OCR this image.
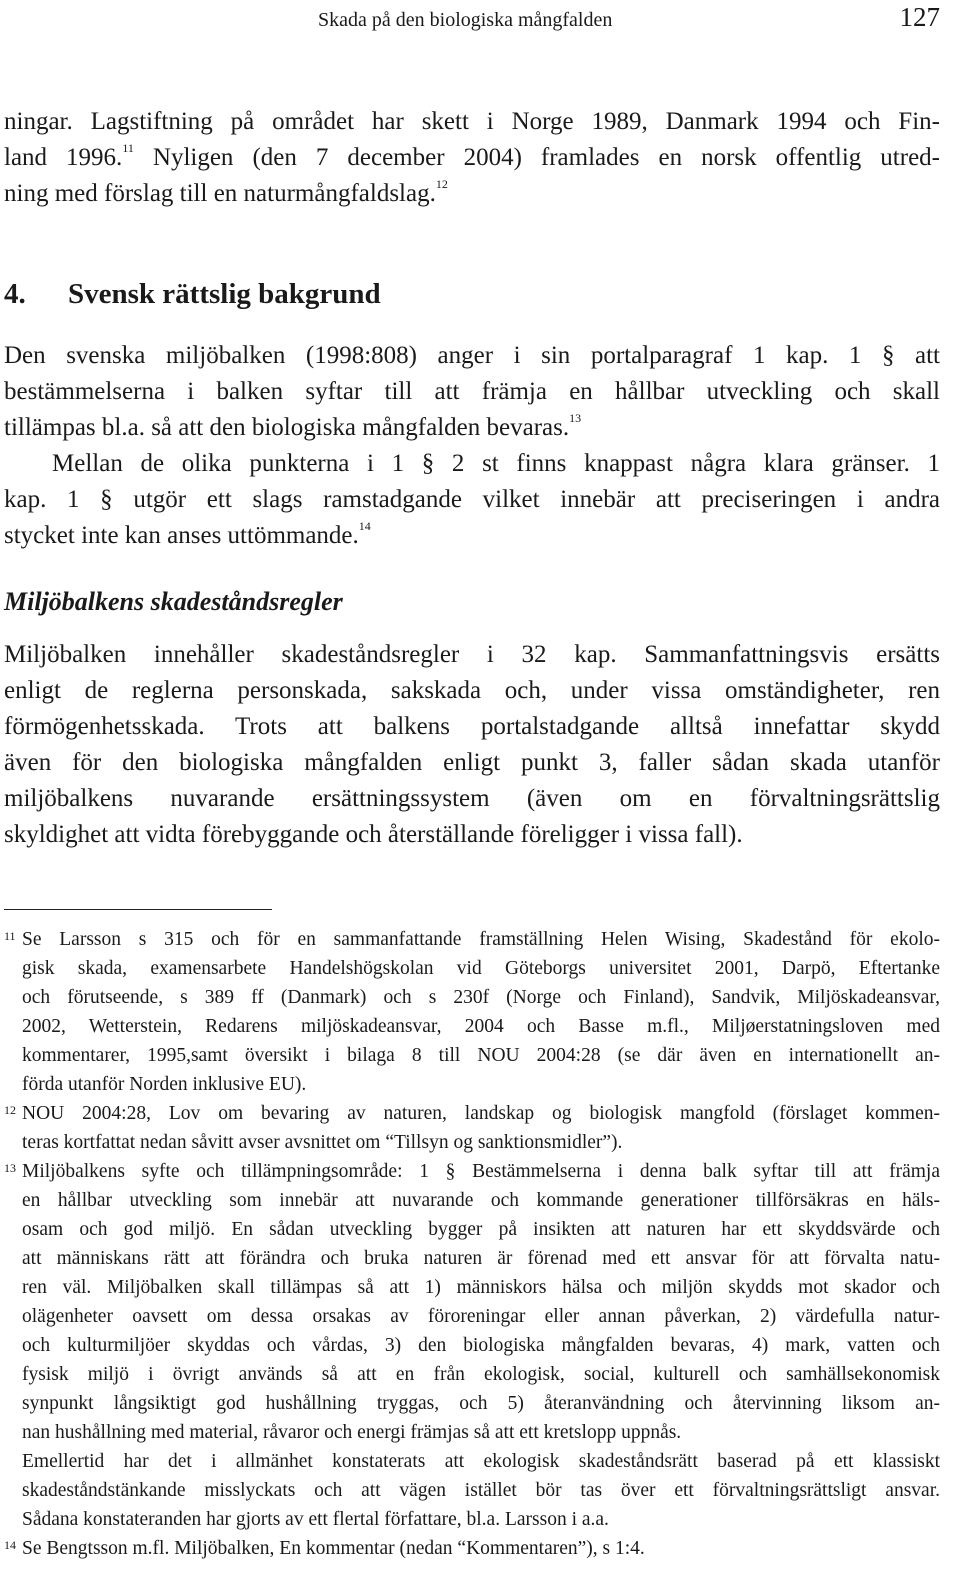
Skada på den biologiska mångfalden	127
ningar. Lagstiftning på området har skett i Norge 1989, Danmark 1994 och Fin-
land 1996.11 Nyligen (den 7 december 2004) framlades en norsk offentlig utred-
ning med förslag till en naturmångfaldslag.$^{12}$
4. Svensk rättslig bakgrund
Den svenska miljöbalken (1998:808) anger i sin portalparagraf 1 kap. 1 § att
bestämmelserna i balken syftar till att främja en hållbar utveckling och skall
tillämpas bl.a. så att den biologiska mångfalden bevaras.$^{13}$
Mellan de olika punkterna i 1 § 2 st finns knappast några klara gränser. 1
kap. 1 § utgör ett slags ramstadgande vilket innebär att preciseringen i andra
stycket inte kan anses uttömmande.$^{14}$
Miljöbalkens skadeståndsregler
Miljöbalken innehåller skadeståndsregler i 32 kap. Sammanfattningsvis ersätts
enligt de reglerna personskada, sakskada och, under vissa omständigheter, ren
förmögenhetsskada. Trots att balkens portalstadgande alltså innefattar skydd
även för den biologiska mångfalden enligt punkt 3, faller sådan skada utanför
miljöbalkens nuvarande ersättningssystem (även om en förvaltningsrättslig
skyldighet att vidta förebyggande och återställande föreligger i vissa fall).
11 Se Larsson s 315 och för en sammanfattande framställning Helen Wising, Skadestånd för ekolo-
gisk skada, examensarbete Handelshögskolan vid Göteborgs universitet 2001, Darpö, Eftertanke
och förutseende, s 389 ff (Danmark) och s 230f (Norge och Finland), Sandvik, Miljöskadeansvar,
2002, Wetterstein, Redarens miljöskadeansvar, 2004 och Basse m.fl., Miljøerstatningsloven med
kommentarer, 1995,samt översikt i bilaga 8 till NOU 2004:28 (se där även en internationellt an-
förda utanför Norden inklusive EU).
12 NOU 2004:28, Lov om bevaring av naturen, landskap og biologisk mangfold (förslaget kommen-
teras kortfattat nedan såvitt avser avsnittet om “Tillsyn og sanktionsmidler”).
13 Miljöbalkens syfte och tillämpningsområde: 1 § Bestämmelserna i denna balk syftar till att främja
en hållbar utveckling som innebär att nuvarande och kommande generationer tillförsäkras en häls-
osam och god miljö. En sådan utveckling bygger på insikten att naturen har ett skyddsvärde och
att människans rätt att förändra och bruka naturen är förenad med ett ansvar för att förvalta natu-
ren väl. Miljöbalken skall tillämpas så att 1) människors hälsa och miljön skydds mot skador och
olägenheter oavsett om dessa orsakas av föroreningar eller annan påverkan, 2) värdefulla natur-
och kulturmiljöer skyddas och vårdas, 3) den biologiska mångfalden bevaras, 4) mark, vatten och
fysisk miljö i övrigt används så att en från ekologisk, social, kulturell och samhällsekonomisk
synpunkt långsiktigt god hushållning tryggas, och 5) återanvändning och återvinning liksom an-
nan hushållning med material, råvaror och energi främjas så att ett kretslopp uppnås.
Emellertid har det i allmänhet konstaterats att ekologisk skadeståndsrätt baserad på ett klassiskt
skadeståndstänkande misslyckats och att vägen istället bör tas över ett förvaltningsrättsligt ansvar.
Sådana konstateranden har gjorts av ett flertal författare, bl.a. Larsson i a.a.
14 Se Bengtsson m.fl. Miljöbalken, En kommentar (nedan “Kommentaren”), s 1:4.
